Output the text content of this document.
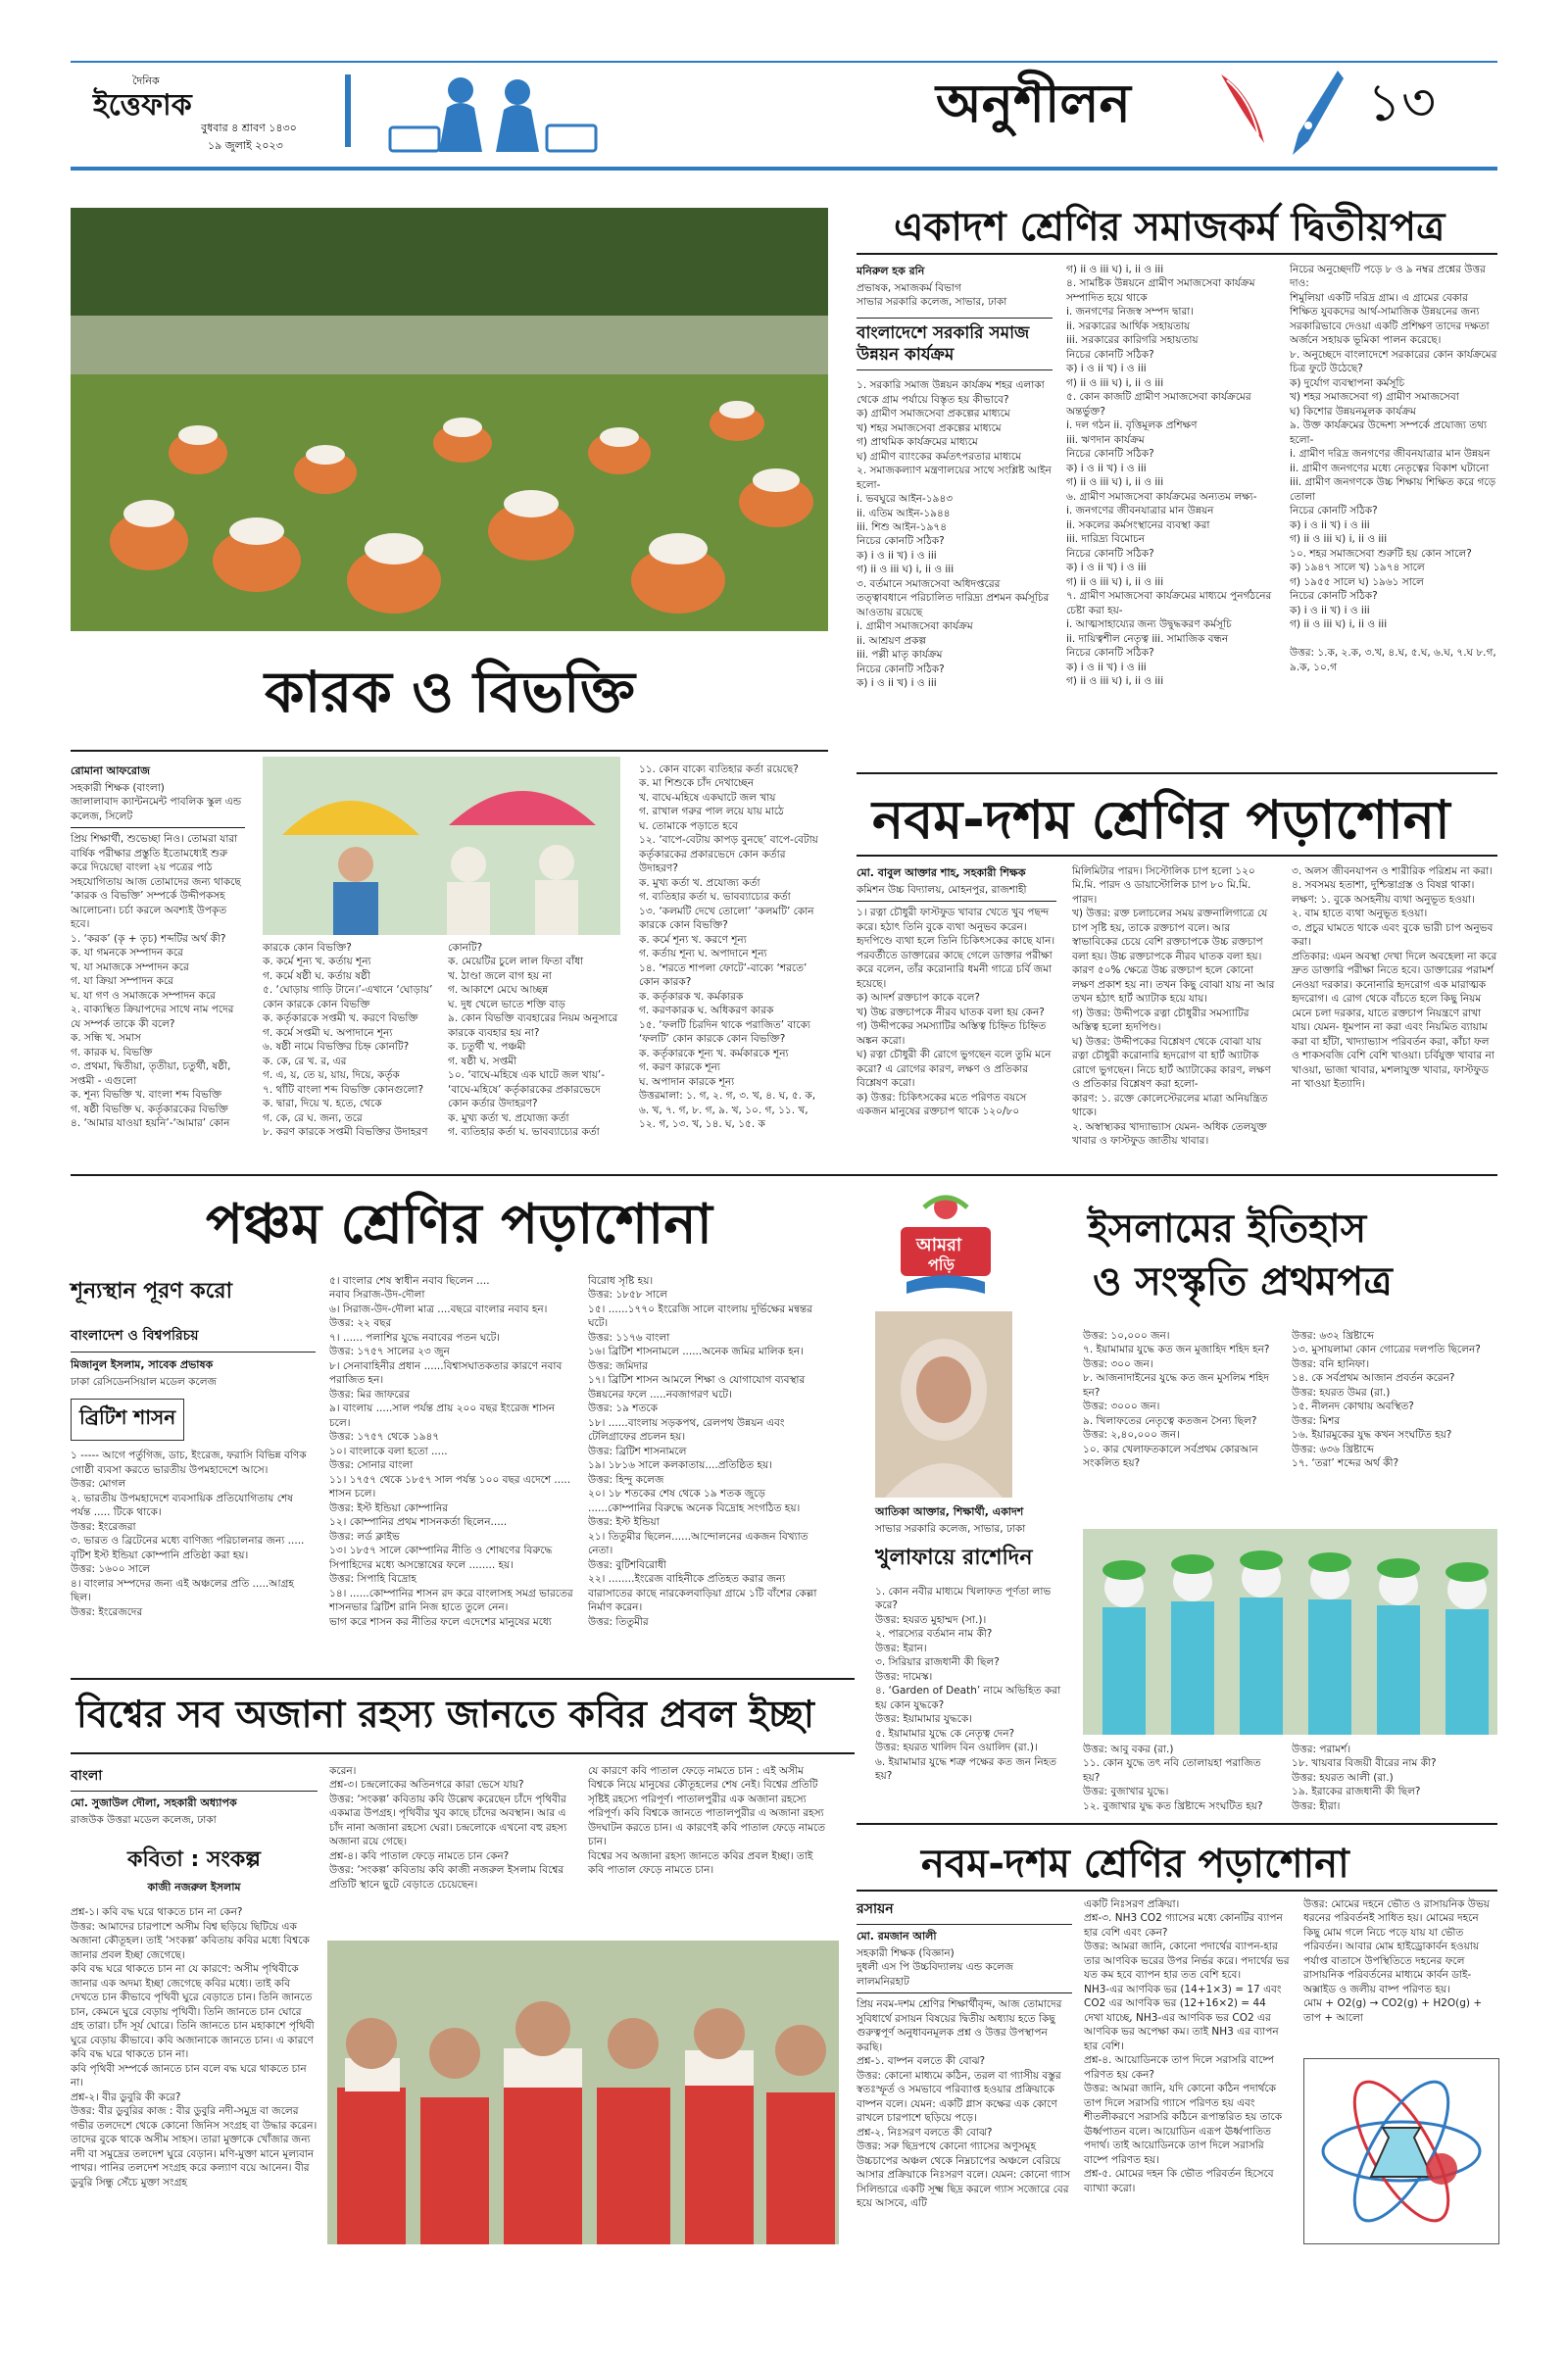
দৈনিক
ইত্তেফাক
বুধবার ৪ শ্রাবণ ১৪৩০
১৯ জুলাই ২০২৩
অনুশীলন	১৩
কারক ও বিভক্তি
রোমানা আফরোজ
সহকারী শিক্ষক (বাংলা)
জালালাবাদ ক্যান্টনমেন্ট পাবলিক স্কুল এন্ড কলেজ, সিলেট
প্রিয় শিক্ষার্থী, শুভেচ্ছা নিও। তোমরা যারা বার্ষিক পরীক্ষার প্রস্তুতি ইতোমধ্যেই শুরু করে দিয়েছো বাংলা ২য় পত্রের পাঠ সহযোগিতায় আজ তোমাদের জন্য থাকছে ‘কারক ও বিভক্তি’ সম্পর্কে উদ্দীপকসহ আলোচনা। চর্চা করলে অবশ্যই উপকৃত হবে।
১. ‘করক’ (কৃ + তৃচ) শব্দটির অর্থ কী?
ক. যা গমনকে সম্পাদন করে
খ. যা সমাজকে সম্পাদন করে
গ. যা ক্রিয়া সম্পাদন করে
ঘ. যা গণ ও সমাজকে সম্পাদন করে
২. বাক্যস্থিত ক্রিয়াপদের সাথে নাম পদের যে সম্পর্ক তাকে কী বলে?
ক. সন্ধি খ. সমাস
গ. কারক ঘ. বিভক্তি
৩. প্রথমা, দ্বিতীয়া, তৃতীয়া, চতুর্থী, ষষ্ঠী, সপ্তমী - এগুলো
ক. শূন্য বিভক্তি খ. বাংলা শব্দ বিভক্তি
গ. ষষ্ঠী বিভক্তি ঘ. কর্তৃকারকের বিভক্তি
৪. ‘আমার যাওয়া হয়নি’-‘আমার’ কোন
কারকে কোন বিভক্তি?
ক. কর্মে শূন্য খ. কর্তায় শূন্য
গ. কর্মে ষষ্ঠী ঘ. কর্তায় ষষ্ঠী
৫. ‘ঘোড়ায় গাড়ি টানে।’-এখানে ‘ঘোড়ায়’ কোন কারকে কোন বিভক্তি
ক. কর্তৃকারকে সপ্তমী খ. করণে বিভক্তি
গ. কর্মে সপ্তমী ঘ. অপাদানে শূন্য
৬. ষষ্ঠী নামে বিভক্তির চিহ্ন কোনটি?
ক. কে, রে খ. র, এর
গ. এ, য়, তে য়, য়ায়, দিয়ে, কর্তৃক
৭. থাঁটি বাংলা শব্দ বিভক্তি কোনগুলো?
ক. দ্বারা, দিয়ে খ. হতে, থেকে
গ. কে, রে ঘ. জন্য, তরে
৮. করণ কারকে সপ্তমী বিভক্তির উদাহরণ
কোনটি?
ক. মেয়েটির চুলে লাল ফিতা বাঁধা
খ. ঠাণ্ডা জলে বাগ হয় না
গ. আকাশে মেঘে আচ্ছন্ন
ঘ. দুধ খেলে ভাতে শক্তি বাড়
৯. কোন বিভক্তি ব্যবহারের নিয়ম অনুসারে কারকে ব্যবহার হয় না?
ক. চতুর্থী খ. পঞ্চমী
গ. ষষ্ঠী ঘ. সপ্তমী
১০. ‘বাঘে-মহিষে এক ঘাটে জল খায়’- ‘বাঘে-মহিষে’ কর্তৃকারকের প্রকারভেদে কোন কর্তার উদাহরণ?
ক. মুখ্য কর্তা খ. প্রযোজ্য কর্তা
গ. ব্যতিহার কর্তা ঘ. ভাবব্যাচ্যের কর্তা
১১. কোন বাক্যে ব্যতিহার কর্তা রয়েছে?
ক. মা শিশুকে চাঁদ দেখাচ্ছেন
খ. বাঘে-মহিষে একঘাটে জল খায়
গ. রাখাল গরুর পাল লয়ে যায় মাঠে
ঘ. তোমাকে পড়াতে হবে
১২. ‘বাপে-বেটায় কাপড় বুনছে’ বাপে-বেটায় কর্তৃকারকের প্রকারভেদে কোন কর্তার উদাহরণ?
ক. মুখ্য কর্তা খ. প্রযোজ্য কর্তা
গ. ব্যতিহার কর্তা ঘ. ভাবব্যাচ্যের কর্তা
১৩. ‘কলমটি দেখে তোলো’ ‘কলমটি’ কোন কারকে কোন বিভক্তি?
ক. কর্মে শূন্য খ. করণে শূন্য
গ. কর্তায় শূন্য ঘ. অপাদানে শূন্য
১৪. ‘শরতে শাপলা ফোটে’-বাক্যে ‘শরতে’ কোন কারক?
ক. কর্তৃকারক খ. কর্মকারক
গ. করণকারক ঘ. অধিকরণ কারক
১৫. ‘ফলটি চিরদিন থাকে পরাজিত’ বাক্যে ‘ফলটি’ কোন কারকে কোন বিভক্তি?
ক. কর্তৃকারকে শূন্য খ. কর্মকারকে শূন্য
গ. করণ কারকে শূন্য
ঘ. অপাদান কারকে শূন্য
উত্তরমালা: ১. গ, ২. গ, ৩. খ, ৪. ঘ, ৫. ক, ৬. খ, ৭. গ, ৮. গ, ৯. খ, ১০. গ, ১১. খ, ১২. গ, ১৩. খ, ১৪. ঘ, ১৫. ক
একাদশ শ্রেণির সমাজকর্ম দ্বিতীয়পত্র
মনিরুল হক রনি
প্রভাষক, সমাজকর্ম বিভাগ
সাভার সরকারি কলেজ, সাভার, ঢাকা
বাংলাদেশে সরকারি সমাজ উন্নয়ন কার্যক্রম
১. সরকারি সমাজ উন্নয়ন কার্যক্রম শহর এলাকা থেকে গ্রাম পর্যায়ে বিস্তৃত হয় কীভাবে?
ক) গ্রামীণ সমাজসেবা প্রকল্পের মাধ্যমে
খ) শহর সমাজসেবা প্রকল্পের মাধ্যমে
গ) প্রাথমিক কার্যক্রমের মাধ্যমে
ঘ) গ্রামীণ ব্যাংকের কর্মতৎপরতার মাধ্যমে
২. সমাজকল্যাণ মন্ত্রণালয়ের সাথে সংশ্লিষ্ট আইন হলো-
i. ভবঘুরে আইন-১৯৪৩
ii. এতিম আইন-১৯৪৪
iii. শিশু আইন-১৯৭৪
নিচের কোনটি সঠিক?
ক) i ও ii খ) i ও iii
গ) ii ও iii ঘ) i, ii ও iii
৩. বর্তমানে সমাজসেবা অধিদপ্তরের তত্ত্বাবধানে পরিচালিত দারিদ্র্য প্রশমন কর্মসূচির আওতায় রয়েছে
i. গ্রামীণ সমাজসেবা কার্যক্রম
ii. আশ্রয়ণ প্রকল্প
iii. পল্লী মাতৃ কার্যক্রম
নিচের কোনটি সঠিক?
ক) i ও ii খ) i ও iii
গ) ii ও iii ঘ) i, ii ও iii
৪. সামষ্টিক উন্নয়নে গ্রামীণ সমাজসেবা কার্যক্রম সম্পাদিত হয়ে থাকে
i. জনগণের নিজস্ব সম্পদ দ্বারা।
ii. সরকারের আর্থিক সহায়তায়
iii. সরকারের কারিগরি সহায়তায়
নিচের কোনটি সঠিক?
ক) i ও ii খ) i ও iii
গ) ii ও iii ঘ) i, ii ও iii
৫. কোন কাজটি গ্রামীণ সমাজসেবা কার্যক্রমের অন্তর্ভুক্ত?
i. দল গঠন ii. বৃত্তিমূলক প্রশিক্ষণ
iii. ঋণদান কার্যক্রম
নিচের কোনটি সঠিক?
ক) i ও ii খ) i ও iii
গ) ii ও iii ঘ) i, ii ও iii
৬. গ্রামীণ সমাজসেবা কার্যক্রমের অন্যতম লক্ষ্য-
i. জনগণের জীবনযাত্রার মান উন্নয়ন
ii. সকলের কর্মসংস্থানের ব্যবস্থা করা
iii. দারিদ্র্য বিমোচন
নিচের কোনটি সঠিক?
ক) i ও ii খ) i ও iii
গ) ii ও iii ঘ) i, ii ও iii
৭. গ্রামীণ সমাজসেবা কার্যক্রমের মাধ্যমে পুনর্গঠনের চেষ্টা করা হয়-
i. আত্মসাহায্যের জন্য উদ্বুদ্ধকরণ কর্মসূচি
ii. দায়িত্বশীল নেতৃত্ব iii. সামাজিক বন্ধন
নিচের কোনটি সঠিক?
ক) i ও ii খ) i ও iii
গ) ii ও iii ঘ) i, ii ও iii
নিচের অনুচ্ছেদটি পড়ে ৮ ও ৯ নম্বর প্রশ্নের উত্তর দাও:
শিমুলিয়া একটি দরিদ্র গ্রাম। এ গ্রামের বেকার শিক্ষিত যুবকদের আর্থ-সামাজিক উন্নয়নের জন্য সরকারিভাবে দেওয়া একটি প্রশিক্ষণ তাদের দক্ষতা অর্জনে সহায়ক ভূমিকা পালন করেছে।
৮. অনুচ্ছেদে বাংলাদেশে সরকারের কোন কার্যক্রমের চিত্র ফুটে উঠেছে?
ক) দুর্যোগ ব্যবস্থাপনা কর্মসূচি
খ) শহর সমাজসেবা গ) গ্রামীণ সমাজসেবা
ঘ) কিশোর উন্নয়নমূলক কার্যক্রম
৯. উক্ত কার্যক্রমের উদ্দেশ্য সম্পর্কে প্রযোজ্য তথ্য হলো-
i. গ্রামীণ দরিদ্র জনগণের জীবনযাত্রার মান উন্নয়ন
ii. গ্রামীণ জনগণের মধ্যে নেতৃত্বের বিকাশ ঘটানো
iii. গ্রামীণ জনগণকে উচ্চ শিক্ষায় শিক্ষিত করে গড়ে তোলা
নিচের কোনটি সঠিক?
ক) i ও ii খ) i ও iii
গ) ii ও iii ঘ) i, ii ও iii
১০. শহর সমাজসেবা শুরুটি হয় কোন সালে?
ক) ১৯৪৭ সালে খ) ১৯৭৪ সালে
গ) ১৯৫৫ সালে ঘ) ১৯৬১ সালে
নিচের কোনটি সঠিক?
ক) i ও ii খ) i ও iii
গ) ii ও iii ঘ) i, ii ও iii

উত্তর: ১.ক, ২.ক, ৩.খ, ৪.ঘ, ৫.ঘ, ৬.ঘ, ৭.ঘ ৮.গ, ৯.ক, ১০.গ
নবম-দশম শ্রেণির পড়াশোনা
মো. বাবুল আক্তার শাহ, সহকারী শিক্ষক
কমিশন উচ্চ বিদ্যালয়, মোহনপুর, রাজশাহী
১। রত্না চৌধুরী ফাস্টফুড খাবার খেতে খুব পছন্দ করে। হঠাৎ তিনি বুকে ব্যথা অনুভব করেন। হৃদপিণ্ডে ব্যথা হলে তিনি চিকিৎসকের কাছে যান। পরবর্তীতে ডাক্তারের কাছে গেলে ডাক্তার পরীক্ষা করে বলেন, তাঁর করোনারি ধমনী গাত্রে চর্বি জমা হয়েছে।
ক) আদর্শ রক্তচাপ কাকে বলে?
খ) উচ্চ রক্তচাপকে নীরব ঘাতক বলা হয় কেন?
গ) উদ্দীপকের সমস্যাটির অস্তিত্ব চিহ্নিত চিহ্নিত অঙ্কন করো।
ঘ) রত্না চৌধুরী কী রোগে ভুগছেন বলে তুমি মনে করো? এ রোগের কারণ, লক্ষণ ও প্রতিকার বিশ্লেষণ করো।
ক) উত্তর: চিকিৎসকের মতে পরিণত বয়সে একজন মানুষের রক্তচাপ থাকে ১২০/৮০
মিলিমিটার পারদ। সিস্টোলিক চাপ হলো ১২০ মি.মি. পারদ ও ডায়াস্টোলিক চাপ ৮০ মি.মি. পারদ।
খ) উত্তর: রক্ত চলাচলের সময় রক্তনালিগাত্রে যে চাপ সৃষ্টি হয়, তাকে রক্তচাপ বলে। আর স্বাভাবিকের চেয়ে বেশি রক্তচাপকে উচ্চ রক্তচাপ বলা হয়। উচ্চ রক্তচাপকে নীরব ঘাতক বলা হয়। কারণ ৫০% ক্ষেত্রে উচ্চ রক্তচাপ হলে কোনো লক্ষণ প্রকাশ হয় না। তখন কিছু বোঝা যায় না আর তখন হঠাৎ হার্ট অ্যাটাক হয়ে যায়।
গ) উত্তর: উদ্দীপকে রত্না চৌধুরীর সমস্যাটির অস্তিত্ব হলো হৃদপিণ্ড।
ঘ) উত্তর: উদ্দীপকের বিশ্লেষণ থেকে বোঝা যায় রত্না চৌধুরী করোনারি হৃদরোগ বা হার্ট অ্যাটাক রোগে ভুগছেন। নিচে হার্ট অ্যাটাকের কারণ, লক্ষণ ও প্রতিকার বিশ্লেষণ করা হলো-
কারণ: ১. রক্তে কোলেস্টেরলের মাত্রা অনিয়ন্ত্রিত থাকে।
২. অস্বাস্থ্যকর খাদ্যাভ্যাস যেমন- অধিক তেলযুক্ত খাবার ও ফাস্টফুড জাতীয় খাবার।
৩. অলস জীবনযাপন ও শারীরিক পরিশ্রম না করা।
৪. সবসময় হতাশা, দুশ্চিন্তাগ্রস্ত ও বিষণ্ণ থাকা।
লক্ষণ: ১. বুকে অসহনীয় ব্যথা অনুভূত হওয়া।
২. বাম হাতে ব্যথা অনুভূত হওয়া।
৩. প্রচুর ঘামতে থাকে এবং বুকে ভারী চাপ অনুভব করা।
প্রতিকার: এমন অবস্থা দেখা দিলে অবহেলা না করে দ্রুত ডাক্তারি পরীক্ষা নিতে হবে। ডাক্তারের পরামর্শ নেওয়া দরকার। কনোনারি হৃদরোগ এক মারাত্মক হৃদরোগ। এ রোগ থেকে বাঁচতে হলে কিছু নিয়ম মেনে চলা দরকার, যাতে রক্তচাপ নিয়ন্ত্রণে রাখা যায়। যেমন- ধূমপান না করা এবং নিয়মিত ব্যায়াম করা বা হাঁটা, খাদ্যাভ্যাস পরিবর্তন করা, কাঁচা ফল ও শাকসবজি বেশি বেশি খাওয়া। চর্বিযুক্ত খাবার না খাওয়া, ভাজা খাবার, মশলাযুক্ত খাবার, ফাস্টফুড না খাওয়া ইত্যাদি।
পঞ্চম শ্রেণির পড়াশোনা
শূন্যস্থান পূরণ করো
বাংলাদেশ ও বিশ্বপরিচয়
মিজানুল ইসলাম, সাবেক প্রভাষক
ঢাকা রেসিডেনসিয়াল মডেল কলেজ
ব্রিটিশ শাসন
১ ----- আগে পর্তুগিজ, ডাচ, ইংরেজ, ফরাসি বিভিন্ন বণিক গোষ্ঠী ব্যবসা করতে ভারতীয় উপমহাদেশে আসে।
উত্তর: মোগল
২. ভারতীয় উপমহাদেশে ব্যবসায়িক প্রতিযোগিতায় শেষ পর্যন্ত ..... টিকে থাকে।
উত্তর: ইংরেজরা
৩. ভারত ও ব্রিটেনের মধ্যে বাণিজ্য পরিচালনার জন্য ..... বৃটিশ ইস্ট ইন্ডিয়া কোম্পানি প্রতিষ্ঠা করা হয়।
উত্তর: ১৬০০ সালে
৪। বাংলার সম্পদের জন্য এই অঞ্চলের প্রতি .....আগ্রহ ছিল।
উত্তর: ইংরেজদের
৫। বাংলার শেষ স্বাধীন নবাব ছিলেন ....
নবাব সিরাজ-উদ-দৌলা
৬। সিরাজ-উদ-দৌলা মাত্র ....বছরে বাংলার নবাব হন।
উত্তর: ২২ বছর
৭। ...... পলাশির যুদ্ধে নবাবের পতন ঘটে।
উত্তর: ১৭৫৭ সালের ২৩ জুন
৮। সেনাবাহিনীর প্রধান ......বিশ্বাসঘাতকতার কারণে নবাব পরাজিত হন।
উত্তর: মির জাফরের
৯। বাংলায় .....সাল পর্যন্ত প্রায় ২০০ বছর ইংরেজ শাসন চলে।
উত্তর: ১৭৫৭ থেকে ১৯৪৭
১০। বাংলাকে বলা হতো .....
উত্তর: সোনার বাংলা
১১। ১৭৫৭ থেকে ১৮৫৭ সাল পর্যন্ত ১০০ বছর এদেশে ..... শাসন চলে।
উত্তর: ইস্ট ইন্ডিয়া কোম্পানির
১২। কোম্পানির প্রথম শাসনকর্তা ছিলেন.....
উত্তর: লর্ড ক্লাইভ
১৩। ১৮৫৭ সালে কোম্পানির নীতি ও শোষণের বিরুদ্ধে সিপাহিদের মধ্যে অসন্তোষের ফলে ........ হয়।
উত্তর: সিপাহি বিদ্রোহ
১৪। ......কোম্পানির শাসন রদ করে বাংলাসহ সমগ্র ভারতের শাসনভার ব্রিটিশ রানি নিজ হাতে তুলে নেন।
ভাগ করে শাসন কর নীতির ফলে এদেশের মানুষের মধ্যে
বিরোধ সৃষ্টি হয়।
উত্তর: ১৮৫৮ সালে
১৫। ......১৭৭০ ইংরেজি সালে বাংলায় দুর্ভিক্ষের মন্বন্তর ঘটে।
উত্তর: ১১৭৬ বাংলা
১৬। ব্রিটিশ শাসনামলে ......অনেক জমির মালিক হন।
উত্তর: জমিদার
১৭। ব্রিটিশ শাসন আমলে শিক্ষা ও যোগাযোগ ব্যবস্থার উন্নয়নের ফলে .....নবজাগরণ ঘটে।
উত্তর: ১৯ শতকে
১৮। ......বাংলায় সড়কপথ, রেলপথ উন্নয়ন এবং টেলিগ্রাফের প্রচলন হয়।
উত্তর: ব্রিটিশ শাসনামলে
১৯। ১৮১৬ সালে কলকাতায়....প্রতিষ্ঠিত হয়।
উত্তর: হিন্দু কলেজ
২০। ১৮ শতকের শেষ থেকে ১৯ শতক জুড়ে ......কোম্পানির বিরুদ্ধে অনেক বিদ্রোহ সংগঠিত হয়।
উত্তর: ইস্ট ইন্ডিয়া
২১। তিতুমীর ছিলেন......আন্দোলনের একজন বিখ্যাত নেতা।
উত্তর: বুটিশবিরোধী
২২। ........ইংরেজ বাহিনীকে প্রতিহত করার জন্য বারাসাতের কাছে নারকেলবাড়িয়া গ্রামে ১টি বাঁশের কেল্লা নির্মাণ করেন।
উত্তর: তিতুমীর
আমরা
পড়ি
আতিকা আক্তার, শিক্ষার্থী, একাদশ
সাভার সরকারি কলেজ, সাভার, ঢাকা
ইসলামের ইতিহাস
ও সংস্কৃতি প্রথমপত্র
খুলাফায়ে রাশেদিন
১. কোন নবীর মাধ্যমে খিলাফত পূর্ণতা লাভ করে?
উত্তর: হযরত মুহাম্মদ (সা.)।
২. পারস্যের বর্তমান নাম কী?
উত্তর: ইরান।
৩. সিরিয়ার রাজধানী কী ছিল?
উত্তর: দামেস্ক।
৪. ‘Garden of Death’ নামে অভিহিত করা হয় কোন যুদ্ধকে?
উত্তর: ইয়ামামার যুদ্ধকে।
৫. ইয়ামামার যুদ্ধে কে নেতৃত্ব দেন?
উত্তর: হযরত খালিদ বিন ওয়ালিদ (রা.)।
৬. ইয়ামামার যুদ্ধে শত্রু পক্ষের কত জন নিহত হয়?
উত্তর: ১০,০০০ জন।
৭. ইয়ামামার যুদ্ধে কত জন মুজাহিদ শহিদ হন?
উত্তর: ৩০০ জন।
৮. আজনাদাইনের যুদ্ধে কত জন মুসলিম শহিদ হন?
উত্তর: ৩০০০ জন।
৯. খিলাফতের নেতৃত্বে কতজন সৈন্য ছিল?
উত্তর: ২,৪০,০০০ জন।
১০. কার খেলাফতকালে সর্বপ্রথম কোরআন সংকলিত হয়?
উত্তর: ৬৩২ খ্রিষ্টাব্দে
১৩. মুসায়লামা কোন গোত্রের দলপতি ছিলেন?
উত্তর: বনি হানিফা।
১৪. কে সর্বপ্রথম আজান প্রবর্তন করেন?
উত্তর: হযরত উমর (রা.)
১৫. নীলনদ কোথায় অবস্থিত?
উত্তর: মিশর
১৬. ইয়ারমুকের যুদ্ধ কখন সংঘটিত হয়?
উত্তর: ৬৩৬ খ্রিষ্টাব্দে
১৭. ‘তরা’ শব্দের অর্থ কী?
উত্তর: আবু বকর (রা.)
১১. কোন যুদ্ধে তৎ নবি তোলায়হা পরাজিত হয়?
উত্তর: বুজাখার যুদ্ধে।
১২. বুজাখার যুদ্ধ কত খ্রিষ্টাব্দে সংঘটিত হয়?
উত্তর: পরামর্শ।
১৮. খায়বার বিজয়ী বীরের নাম কী?
উত্তর: হযরত আলী (রা.)
১৯. ইরাকের রাজধানী কী ছিল?
উত্তর: হীরা।
বিশ্বের সব অজানা রহস্য জানতে কবির প্রবল ইচ্ছা
বাংলা
মো. সুজাউল দৌলা, সহকারী অধ্যাপক
রাজউক উত্তরা মডেল কলেজ, ঢাকা
কবিতা : সংকল্প
কাজী নজরুল ইসলাম
প্রশ্ন-১। কবি বদ্ধ ঘরে থাকতে চান না কেন?
উত্তর: আমাদের চারপাশে অসীম বিশ্ব ছড়িয়ে ছিটিয়ে এক অজানা কৌতূহল। তাই ‘সংকল্প’ কবিতায় কবির মধ্যে বিশ্বকে জানার প্রবল ইচ্ছা জেগেছে।
কবি বদ্ধ ঘরে থাকতে চান না যে কারণে: অসীম পৃথিবীকে জানার এক অদম্য ইচ্ছা জেগেছে কবির মধ্যে। তাই কবি দেখতে চান কীভাবে পৃথিবী ঘুরে বেড়াতে চান। তিনি জানতে চান, কেমনে ঘুরে বেড়ায় পৃথিবী। তিনি জানতে চান ঘোরে গ্রহ তারা। চাঁদ সূর্য ঘোরে। তিনি জানতে চান মহাকাশে পৃথিবী ঘুরে বেড়ায় কীভাবে। কবি অজানাকে জানতে চান। এ কারণে কবি বদ্ধ ঘরে থাকতে চান না।
কবি পৃথিবী সম্পর্কে জানতে চান বলে বদ্ধ ঘরে থাকতে চান না।
প্রশ্ন-২। বীর ডুবুরি কী করে?
উত্তর: বীর ডুবুরির কাজ : বীর ডুবুরি নদী-সমুদ্র বা জলের গভীর তলদেশে থেকে কোনো জিনিস সংগ্রহ বা উদ্ধার করেন। তাদের বুকে থাকে অসীম সাহস। তারা মুক্তাকে খোঁজার জন্য নদী বা সমুদ্রের তলদেশ ঘুরে বেড়ান। মণি-মুক্তা মানে মূল্যবান পাথর। পানির তলদেশ সংগ্রহ করে কল্যাণ বয়ে আনেন। বীর ডুবুরি সিন্ধু সেঁচে মুক্তা সংগ্রহ
করেন।
প্রশ্ন-৩। চন্দ্রলোকের অতিনগরে কারা ভেসে যায়?
উত্তর: ‘সংকল্প’ কবিতায় কবি উল্লেখ করেছেন চাঁদে পৃথিবীর একমাত্র উপগ্রহ। পৃথিবীর খুব কাছে চাঁদের অবস্থান। আর এ চাঁদ নানা অজানা রহস্যে ঘেরা। চন্দ্রলোকে এখনো বহু রহস্য অজানা রয়ে গেছে।
প্রশ্ন-৪। কবি পাতাল ফেড়ে নামতে চান কেন?
উত্তর: ‘সংকল্প’ কবিতায় কবি কাজী নজরুল ইসলাম বিশ্বের প্রতিটি স্থানে ছুটে বেড়াতে চেয়েছেন।
যে কারণে কবি পাতাল ফেড়ে নামতে চান : এই অসীম বিশ্বকে নিয়ে মানুষের কৌতূহলের শেষ নেই। বিশ্বের প্রতিটি সৃষ্টিই রহস্যে পরিপূর্ণ। পাতালপুরীর এক অজানা রহস্যে পরিপূর্ণ। কবি বিশ্বকে জানতে পাতালপুরীর এ অজানা রহস্য উদঘাটন করতে চান। এ কারণেই কবি পাতাল ফেড়ে নামতে চান।
বিশ্বের সব অজানা রহস্য জানতে কবির প্রবল ইচ্ছা। তাই কবি পাতাল ফেড়ে নামতে চান।	নবম-দশম শ্রেণির পড়াশোনা
রসায়ন
মো. রমজান আলী
সহকারী শিক্ষক (বিজ্ঞান)
দুধলী এস পি উচ্চবিদ্যালয় এন্ড কলেজ
লালমনিরহাট
প্রিয় নবম-দশম শ্রেণির শিক্ষার্থীবৃন্দ, আজ তোমাদের সুবিধার্থে রসায়ন বিষয়ের দ্বিতীয় অধ্যায় হতে কিছু গুরুত্বপূর্ণ অনুধাবনমূলক প্রশ্ন ও উত্তর উপস্থাপন করছি।
প্রশ্ন-১. বাষ্পন বলতে কী বোঝ?
উত্তর: কোনো মাধ্যমে কঠিন, তরল বা গ্যাসীয় বস্তুর স্বতঃস্ফূর্ত ও সমভাবে পরিব্যাপ্ত হওয়ার প্রক্রিয়াকে বাষ্পন বলে। যেমন: একটি গ্লাস কক্ষের এক কোণে রাখলে চারপাশে ছড়িয়ে পড়ে।
প্রশ্ন-২. নিঃসরণ বলতে কী বোঝ?
উত্তর: সরু ছিদ্রপথে কোনো গ্যাসের অণুসমূহ উচ্চচাপের অঞ্চল থেকে নিম্নচাপের অঞ্চলে বেরিয়ে আসার প্রক্রিয়াকে নিঃসরণ বলে। যেমন: কোনো গ্যাস সিলিন্ডারে একটি সূক্ষ্ম ছিদ্র করলে গ্যাস সজোরে বের হয়ে আসবে, এটি
একটি নিঃসরণ প্রক্রিয়া।
প্রশ্ন-৩. NH3 CO2 গ্যাসের মধ্যে কোনটির ব্যাপন হার বেশি এবং কেন?
উত্তর: আমরা জানি, কোনো পদার্থের ব্যাপন-হার তার আণবিক ভরের উপর নির্ভর করে। পদার্থের ভর যত কম হবে ব্যাপন হার তত বেশি হবে।
NH3-এর আণবিক ভর (14+1×3) = 17 এবং
CO2 এর আণবিক ভর (12+16×2) = 44
দেখা যাচ্ছে, NH3-এর আণবিক ভর CO2 এর আণবিক ভর অপেক্ষা কম। তাই NH3 এর ব্যাপন হার বেশি।
প্রশ্ন-৪. আয়োডিনকে তাপ দিলে সরাসরি বাষ্পে পরিণত হয় কেন?
উত্তর: আমরা জানি, যদি কোনো কঠিন পদার্থকে তাপ দিলে সরাসরি গ্যাসে পরিণত হয় এবং শীতলীকরণে সরাসরি কঠিনে রূপান্তরিত হয় তাকে ঊর্ধ্বপাতন বলে। আয়োডিন এরূপ ঊর্ধ্বপাতিত পদার্থ। তাই আয়োডিনকে তাপ দিলে সরাসরি বাষ্পে পরিণত হয়।
প্রশ্ন-৫. মোমের দহন কি ভৌত পরিবর্তন হিসেবে ব্যাখ্যা করো।
উত্তর: মোমের দহনে ভৌত ও রাসায়নিক উভয় ধরনের পরিবর্তনই সাধিত হয়। মোমের দহনে কিছু মোম গলে নিচে পড়ে যায় যা ভৌত পরিবর্তন। আবার মোম হাইড্রোকার্বন হওয়ায় পর্যাপ্ত বাতাসে উপস্থিতিতে দহনের ফলে রাসায়নিক পরিবর্তনের মাধ্যমে কার্বন ডাই-অক্সাইড ও জলীয় বাষ্প পরিণত হয়।
মোম + O2(g) → CO2(g) + H2O(g) + তাপ + আলো
